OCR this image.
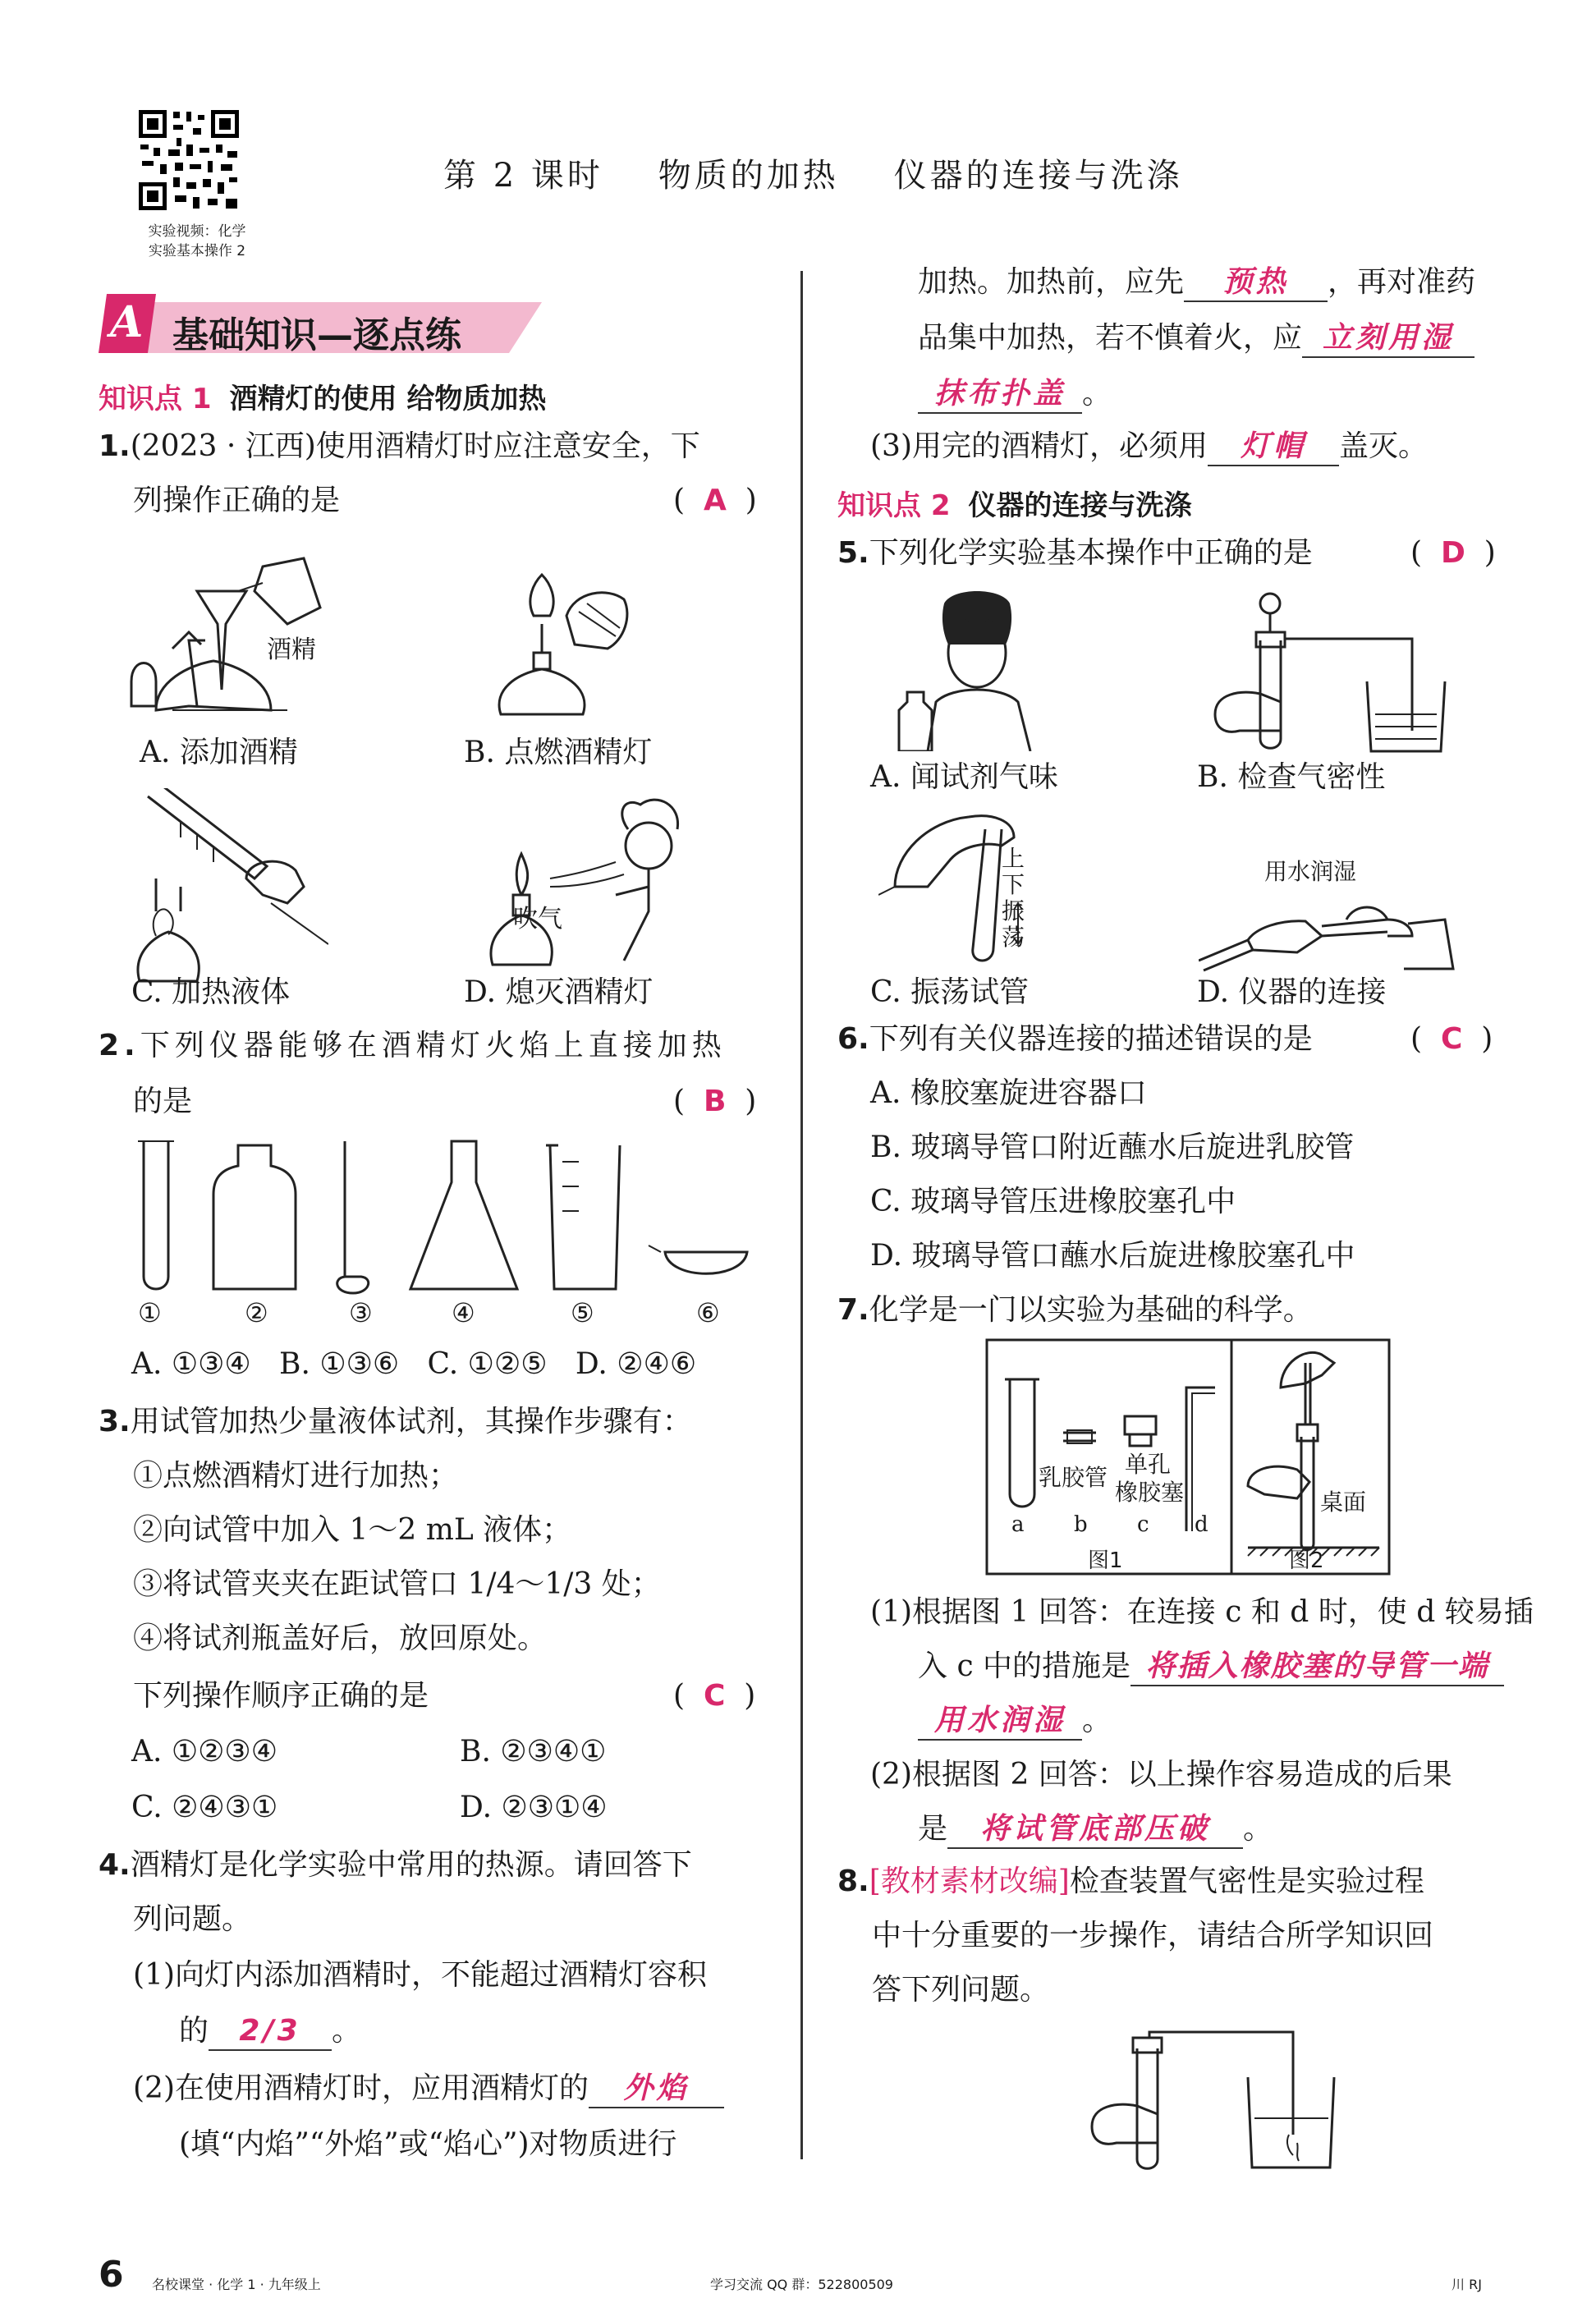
实验视频：化学
实验基本操作 2
第 2 课时    物质的加热    仪器的连接与洗涤
A 基础知识—逐点练
知识点 1 酒精灯的使用 给物质加热
1.(2023 · 江西)使用酒精灯时应注意安全，下
列操作正确的是	(  A  )
酒精
吹气
A. 添加酒精	B. 点燃酒精灯
C. 加热液体	D. 熄灭酒精灯
2.下列仪器能够在酒精灯火焰上直接加热
的是	(  B  )
①	②	③	④	⑤	⑥
A. ①③④   B. ①③⑥   C. ①②⑤   D. ②④⑥
3.用试管加热少量液体试剂，其操作步骤有：
①点燃酒精灯进行加热；
②向试管中加入 1～2 mL 液体；
③将试管夹夹在距试管口 1/4～1/3 处；
④将试剂瓶盖好后，放回原处。
下列操作顺序正确的是	(  C  )
A. ①②③④	B. ②③④①
C. ②④③①	D. ②③①④
4.酒精灯是化学实验中常用的热源。请回答下
列问题。
(1)向灯内添加酒精时，不能超过酒精灯容积
的 2/3 。
(2)在使用酒精灯时，应用酒精灯的 外焰
(填“内焰”“外焰”或“焰心”)对物质进行
加热。加热前，应先 预热 ，再对准药
品集中加热，若不慎着火，应 立刻用湿
抹布扑盖 。
(3)用完的酒精灯，必须用 灯帽 盖灭。
知识点 2 仪器的连接与洗涤
5.下列化学实验基本操作中正确的是	(  D  )
A. 闻试剂气味	B. 检查气密性
上
下
振
荡
用水润湿
C. 振荡试管	D. 仪器的连接
6.下列有关仪器连接的描述错误的是	(  C  )
A. 橡胶塞旋进容器口
B. 玻璃导管口附近蘸水后旋进乳胶管
C. 玻璃导管压进橡胶塞孔中
D. 玻璃导管口蘸水后旋进橡胶塞孔中
7.化学是一门以实验为基础的科学。
乳胶管 单孔
橡胶塞
a b c d
图1
桌面
图2
(1)根据图 1 回答：在连接 c 和 d 时，使 d 较易插
入 c 中的措施是 将插入橡胶塞的导管一端
用水润湿 。
(2)根据图 2 回答：以上操作容易造成的后果
是 将试管底部压破 。
8.[教材素材改编]检查装置气密性是实验过程
中十分重要的一步操作，请结合所学知识回
答下列问题。
6 名校课堂 · 化学 1 · 九年级上	学习交流 QQ 群：522800509	川 RJ
